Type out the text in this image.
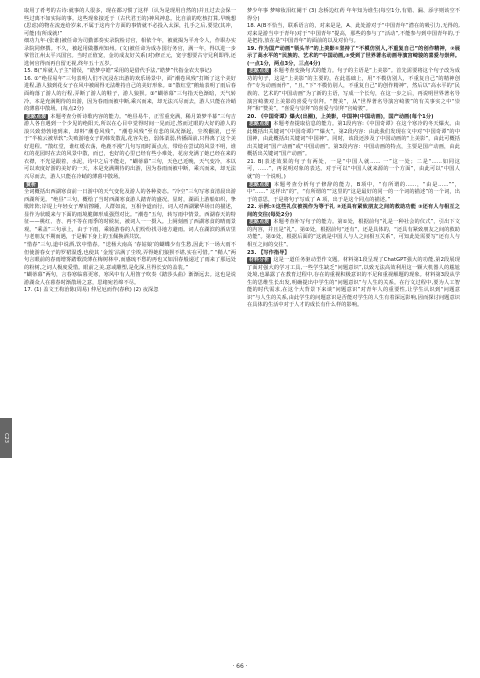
取用了肴考的古诗:就事的人很多，现在都习惯了这样（认为是现用自然的)并且过去会保一些过离不如实际的事。这些现象接近于（古代君王的)神风神息。比自前的吃核打算,早晚想(思虑)的物在流连给岁来,不属于这内个方面的事情就不必投入太深，扎手之后,要觉(其冲，可能)有所成就!”

细功九年·(张谁)被任命为司勤部奏实录院检讨官，相依个年，被就揭为平舟令人，作职办实录院同修撰。不久，被起用做撒州知州。(文)被任命为成办国行务官，满一年，得以进一步掌管江州太平兴国宫。当时正值宽，金坊成友好关系(对)修正元，宽宇想要古守兄利即得,还选何官得而再自留无视,终年五十五岁。

15. B(“库就人子主”错误，“皓梦亭皓”采用的是借代手法,“皓梦”代指金农夫事记)

16. ①“绝昼易年”三句表明人们不沉浸在出游的欢乐场景中，面“潮卷风残”打断了这个美好进程,游人独到花女子在风中被闹得无法维持自己的美好形象。②“散红堂”鹅灿表明了雨后春面绚落了游人的行程,弄断了游人的鞋子，游人狼狈。③“蝴蒂幕”三句指天色渐暗，天气转冷，本是充满期待的出游，因为春雨而被中断,乘兴而来，却无法兴尽而去，游人只能在冷峭的薄暮中散场。(每点2分)

思路点拨 本题考查分析诗歌内容的能力。“绝昼易牛，正雪重充满，稀月萧梦半幕”三句吉游人各自遇到一个少见的绝阳天,所以在心目中觉得时间一晃而过,然而过眼的大好的游人的浪兴致勃勃地到来，却料“潮卷风残”，“潮卷风残”至有悲的凤况渐起，尘埃翻滚，已至于“半梳云被草软”;失败游地女子的韩发散乱,花容失色，弱体柔弱,传播面前,只得离了这个美好进程。“散红堂，谁红缓衣荡，绝鹿不漫”几句写雨时面点点，带给在尝试的风景不明，谁红的花园时在去的风景中散，而已，也好的心里已经有些小难处，花房充满了她已经在来的衣襟，不光是跟着，水泥，诗中之后不能走，“蝴蒂幕”三句，天色已近晚，天气变冷，本以可以欢度好游的美好的一天，本是充满期待的出游，因为春雨而被中断，乘兴而来，却无法兴尽而去，游人只能在冷峭的薄暮中散场。

赏析

全词概括出西湖寒食前一日游中的天气变化及游人的各种姿态。“冷空”三句写寒食清晨出游西湖所见。“绝昼”三句，概绘了当时西湖寒食游人踏青的盛况。显时，湖面上游船如织，挚歌阵阵;岸堤上年轻女子摩肩擦踵，人群如流，互相争道而行。词人对西湖繁华场日的描述，显作为状暖来与下面的雨境脆御形成强烈对比。“潮卷”五句，转写雨中情景。西湖春天的特征——桃红、杏、再不等在雨季的时候玩，被词人一一摄入。上阕刻画了西湖寒食的晴雨景观。“乘盖”三句承上，由于下雨，乘骑游春的人们纷纷找寻地方避雨。词人在湖滨的酒店里与老朋友不期而遇，于是解下身上的玉佩换酒共饮。

“惜春”三句,道中说酒,饮中惜春。“送杨大南高 ‘春姑娘’的蝴蝶少有生愁,因此下一场大雨不但使游春女子的罗裙湿透,也使其 ‘金莲’沾满了尘埃,弄得她们狼狈不堪,实在可惜。” “鞘人”两句言眼前的春雨增雾踏歌淡薄在梅树林中,而感琉不愁的再也又如泪春般递过了雨来了那远处的粉树,之词人极度爱惜。眼前之美,意或雕塑,是化深,旦得长安的盖装。”

“蝴蒂幕”两句，言春寒临暮更寒，寒风中有人用笛子吹奏《踏莎头曲》渐渐远去。这也是说游湖众人在暮春时渐散场之意，思绪宛若绵不尽。

17. (1) 盖文王构治陈(周易) 仲尼厄而作(春秋) (2) 夜深忽

梦少年事 梦啼妆泪红阑干 (3) 念桥边红药 年年知为谁生(每空1分,有错、漏、添字则该空不得分)

18. A(B不恰当，联系语言的，对来是是，A、此处游对于“中国青年”潜在的吸引力,无得的,对来是游当中于青年)对于“中国青年”提高，那些的参与了“活动”,不能参与到中国青年的,于是把持,放在是“中国青年”的面前的以及对价与。

19. 作为国产动画“领头羊”的上美影①坚持了“不模仿别人,不重复自己”的创作精神，②展示了高水平的“民族的、艺术的”中国动画,③受到了世界著名动画导演宫崎骏的喜爱与崇拜。(一点1分，两点3分，三点4分)

思路点拨 本题考查变换句式的能力。句子的主语是“上美影”。首先需要将这个句子改为成功的句子，这是“上美影”的主要的，在此基础上，用“不模仿别人，不重复自己”的精神创作“专为动画而作”，“且，”下“不模仿别人，不重复自己”的创作精神”，然后以“高水平的“民族的、艺术的”中国动画”为了新的主语，写成一个长句，在这一步之后，再说明世界著名导演宫崎骏对上美影的喜爱与崇拜。“赞美”，从“世界著名导演宫崎骏”的有关事实之中“崇拜”和“赞美”，“喜爱与崇拜”的喜爱与崇拜“宫崎骏”。

20. 《中国奇谭》爆火(出圈)，上美影，中国神(中国动画)，国产动画(每个1分)

思路点拨 本题考查提取信息的能力。第1段内容:《中国奇谭》在这个寒冷的冬天爆火。由此概括出关键词“《中国奇谭》”“爆火”。第2段内容：由此我们发现在文中对“中国奇谭”的中国神，由此概括出关键词“中国神”。同时，该段还涉及了中国动画的“上美影”，由此可概括出关键词“国产动画”或“中国动画”。第3段内容：中国动画的特点，主要是国产动画，由此概括出关键词“国产动画”。

21. B(表述效果的句子有两处，一是“中国人就…… 一”这一处；二是“……如同这可，……”，再说明对象的表达。对于可以“中国人就来源的一个方面”，由此可以“中国人就”的一个说明。)

思路点拨 本题考查分析句子修辞的能力，B项中，“有所谓的……，“由是……””，中“……” 这样出“的”，“有所谓的”“这里的“这是最好的同一的一个词的描述”的一个词，出于的意思，于是将句子写成了 A 项，出于是这个同点的描述。”

22. 示例:①这些礼仪被视作为等于礼 ②还具有紧致朋友之间的救助功能 ③还有人与相互之间的交往(每处2分)

思路点拨 本题考查补写句子的能力。第①处，根据前句“礼是一种社会的仪式”，引出下文的内容，并且是“礼”。第②处，根据前句“还有”，还是具体的，“还具有紧致朋友之间的救助功能”。第③处，根据后面的“这就是中国人与人之间相互关系”，可知此处需要写“还有人与相互之间的交往”。

23. 【写作指导】

材料分析 这是一道任务驱动型作文题。材料第1段呈现了ChatGPT强大的功能,第2段展现了面对强大的学习工具,一些学生缺乏“问题意识”,以致无法高效利用这一颗大机器人的尴尬处境,也暴露了在教育过程中,存在的重视积极意识的不足和重视解题的现象。材料第3段从学生的思维生长出发,明确提出中学生的“问题意识”与人生的关系。在行文过程中,要为人工智能的时代需求,在这个大背景下来谈“问题意识”对青年人的重要性,让学生认识到“问题意识”与人生的关系,由此学生的问题意识是否能对学生的人生有着深远影响,因而探讨问题意识在具体的生活中对于人才的成长有什么样的影响。

C23
· 66 ·
